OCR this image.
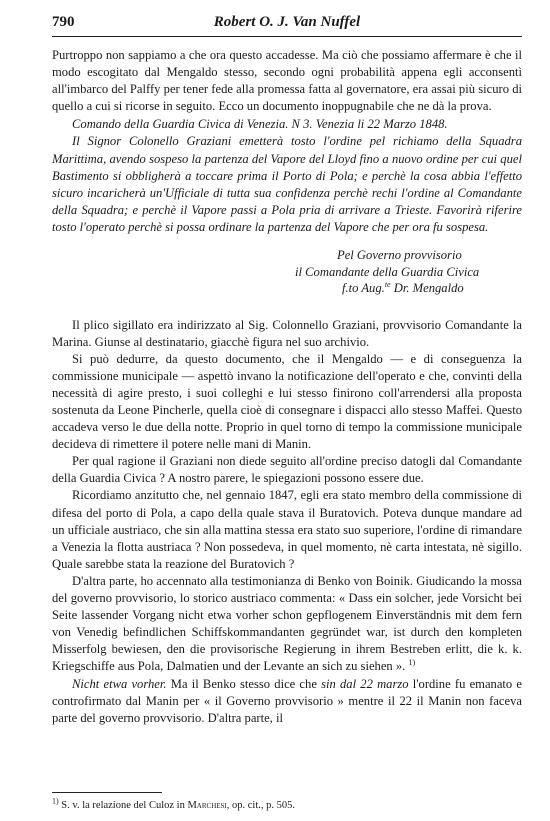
790	Robert O. J. Van Nuffel

Purtroppo non sappiamo a che ora questo accadesse. Ma ciò che possiamo affermare è che il modo escogitato dal Mengaldo stesso, secondo ogni probabilità appena egli acconsentì all'imbarco del Palffy per tener fede alla promessa fatta al governatore, era assai più sicuro di quello a cui si ricorse in seguito. Ecco un documento inoppugnabile che ne dà la prova.

Comando della Guardia Civica di Venezia. N 3. Venezia li 22 Marzo 1848.

Il Signor Colonello Graziani emetterà tosto l'ordine pel richiamo della Squadra Marittima, avendo sospeso la partenza del Vapore del Lloyd fino a nuovo ordine per cui quel Bastimento si obbligherà a toccare prima il Porto di Pola; e perchè la cosa abbia l'effetto sicuro incaricherà un'Ufficiale di tutta sua confidenza perchè rechi l'ordine al Comandante della Squadra; e perchè il Vapore passi a Pola pria di arrivare a Trieste. Favorirà riferire tosto l'operato perchè si possa ordinare la partenza del Vapore che per ora fu sospesa.

Pel Governo provvisorio
il Comandante della Guardia Civica
f.to Aug.$^{te}$ Dr. Mengaldo

Il plico sigillato era indirizzato al Sig. Colonnello Graziani, provvisorio Comandante la Marina. Giunse al destinatario, giacchè figura nel suo archivio.

Si può dedurre, da questo documento, che il Mengaldo — e di conseguenza la commissione municipale — aspettò invano la notificazione dell'operato e che, convinti della necessità di agire presto, i suoi colleghi e lui stesso finirono coll'arrendersi alla proposta sostenuta da Leone Pincherle, quella cioè di consegnare i dispacci allo stesso Maffei. Questo accadeva verso le due della notte. Proprio in quel torno di tempo la commissione municipale decideva di rimettere il potere nelle mani di Manin.

Per qual ragione il Graziani non diede seguito all'ordine preciso datogli dal Comandante della Guardia Civica ? A nostro parere, le spiegazioni possono essere due.

Ricordiamo anzitutto che, nel gennaio 1847, egli era stato membro della commissione di difesa del porto di Pola, a capo della quale stava il Buratovich. Poteva dunque mandare ad un ufficiale austriaco, che sin alla mattina stessa era stato suo superiore, l'ordine di rimandare a Venezia la flotta austriaca ? Non possedeva, in quel momento, nè carta intestata, nè sigillo. Quale sarebbe stata la reazione del Buratovich ?

D'altra parte, ho accennato alla testimonianza di Benko von Boinik. Giudicando la mossa del governo provvisorio, lo storico austriaco commenta: « Dass ein solcher, jede Vorsicht bei Seite lassender Vorgang nicht etwa vorher schon gepflogenem Einverständnis mit dem fern von Venedig befindlichen Schiffskommandanten gegründet war, ist durch den kompleten Misserfolg bewiesen, den die provisorische Regierung in ihrem Bestreben erlitt, die k. k. Kriegschiffe aus Pola, Dalmatien und der Levante an sich zu siehen ». $^{1)}$

Nicht etwa vorher. Ma il Benko stesso dice che sin dal 22 marzo l'ordine fu emanato e controfirmato dal Manin per « il Governo provvisorio » mentre il 22 il Manin non faceva parte del governo provvisorio. D'altra parte, il

$^{1)}$ S. v. la relazione del Culoz in Marchesi, op. cit., p. 505.
